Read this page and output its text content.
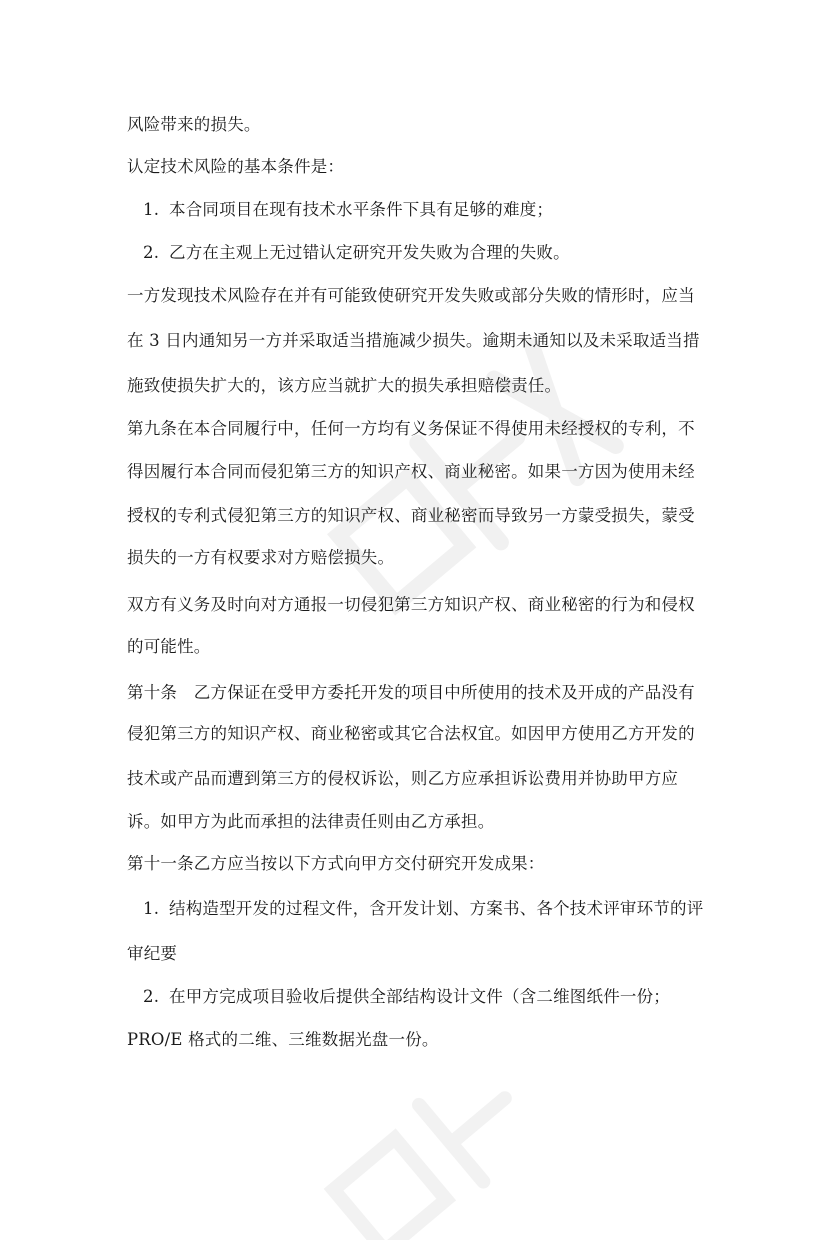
风险带来的损失。
认定技术风险的基本条件是：
1. 本合同项目在现有技术水平条件下具有足够的难度；
2. 乙方在主观上无过错认定研究开发失败为合理的失败。
一方发现技术风险存在并有可能致使研究开发失败或部分失败的情形时，应当
在 3 日内通知另一方并采取适当措施减少损失。逾期未通知以及未采取适当措
施致使损失扩大的，该方应当就扩大的损失承担赔偿责任。
第九条在本合同履行中，任何一方均有义务保证不得使用未经授权的专利，不
得因履行本合同而侵犯第三方的知识产权、商业秘密。如果一方因为使用未经
授权的专利式侵犯第三方的知识产权、商业秘密而导致另一方蒙受损失，蒙受
损失的一方有权要求对方赔偿损失。
双方有义务及时向对方通报一切侵犯第三方知识产权、商业秘密的行为和侵权
的可能性。
第十条　乙方保证在受甲方委托开发的项目中所使用的技术及开成的产品没有
侵犯第三方的知识产权、商业秘密或其它合法权宜。如因甲方使用乙方开发的
技术或产品而遭到第三方的侵权诉讼，则乙方应承担诉讼费用并协助甲方应
诉。如甲方为此而承担的法律责任则由乙方承担。
第十一条乙方应当按以下方式向甲方交付研究开发成果：
1. 结构造型开发的过程文件，含开发计划、方案书、各个技术评审环节的评
审纪要
2. 在甲方完成项目验收后提供全部结构设计文件（含二维图纸件一份；
PRO/E 格式的二维、三维数据光盘一份。
